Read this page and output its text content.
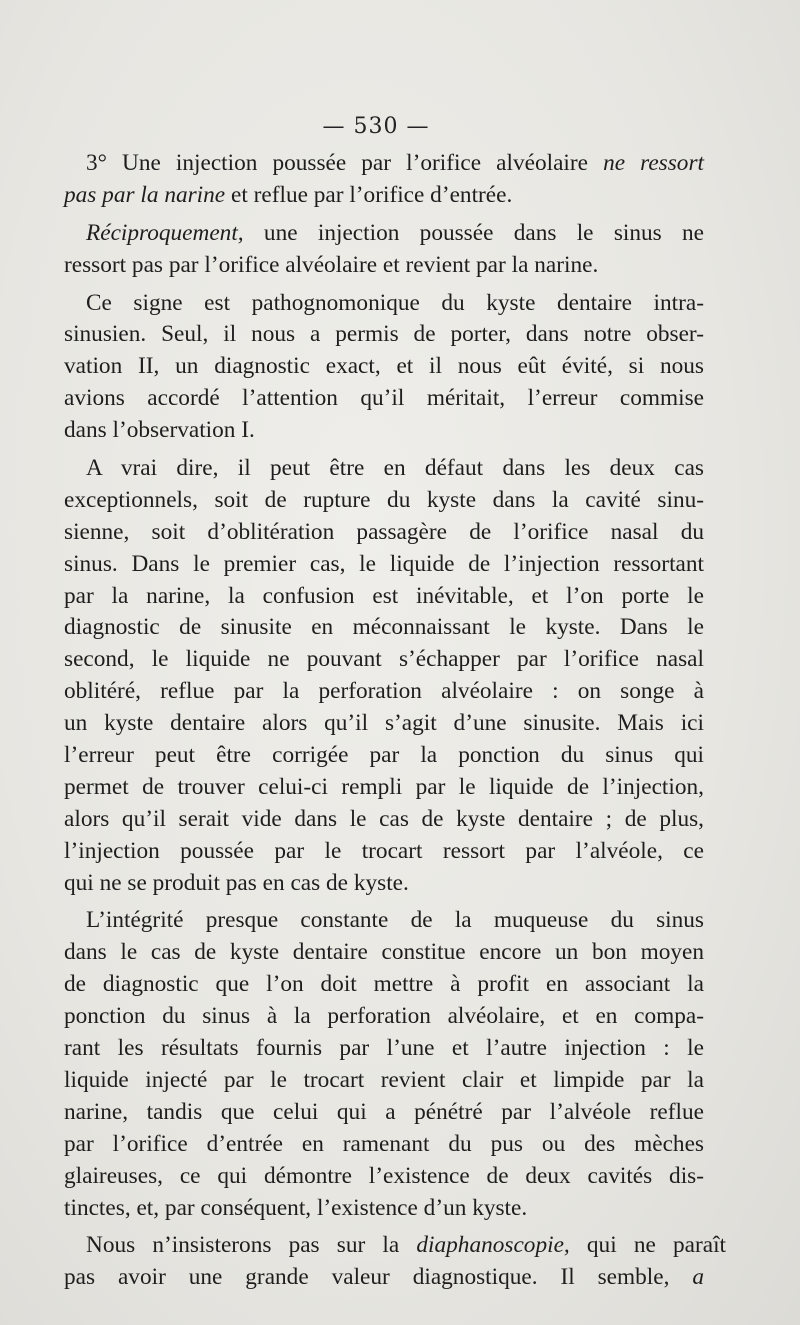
— 530 —
3° Une injection poussée par l’orifice alvéolaire ne ressort
pas par la narine et reflue par l’orifice d’entrée.
Réciproquement, une injection poussée dans le sinus ne
ressort pas par l’orifice alvéolaire et revient par la narine.
Ce signe est pathognomonique du kyste dentaire intra-
sinusien. Seul, il nous a permis de porter, dans notre obser-
vation II, un diagnostic exact, et il nous eût évité, si nous
avions accordé l’attention qu’il méritait, l’erreur commise
dans l’observation I.
A vrai dire, il peut être en défaut dans les deux cas
exceptionnels, soit de rupture du kyste dans la cavité sinu-
sienne, soit d’oblitération passagère de l’orifice nasal du
sinus. Dans le premier cas, le liquide de l’injection ressortant
par la narine, la confusion est inévitable, et l’on porte le
diagnostic de sinusite en méconnaissant le kyste. Dans le
second, le liquide ne pouvant s’échapper par l’orifice nasal
oblitéré, reflue par la perforation alvéolaire : on songe à
un kyste dentaire alors qu’il s’agit d’une sinusite. Mais ici
l’erreur peut être corrigée par la ponction du sinus qui
permet de trouver celui-ci rempli par le liquide de l’injection,
alors qu’il serait vide dans le cas de kyste dentaire ; de plus,
l’injection poussée par le trocart ressort par l’alvéole, ce
qui ne se produit pas en cas de kyste.
L’intégrité presque constante de la muqueuse du sinus
dans le cas de kyste dentaire constitue encore un bon moyen
de diagnostic que l’on doit mettre à profit en associant la
ponction du sinus à la perforation alvéolaire, et en compa-
rant les résultats fournis par l’une et l’autre injection : le
liquide injecté par le trocart revient clair et limpide par la
narine, tandis que celui qui a pénétré par l’alvéole reflue
par l’orifice d’entrée en ramenant du pus ou des mèches
glaireuses, ce qui démontre l’existence de deux cavités dis-
tinctes, et, par conséquent, l’existence d’un kyste.
Nous n’insisterons pas sur la diaphanoscopie, qui ne paraît
pas avoir une grande valeur diagnostique. Il semble, a
